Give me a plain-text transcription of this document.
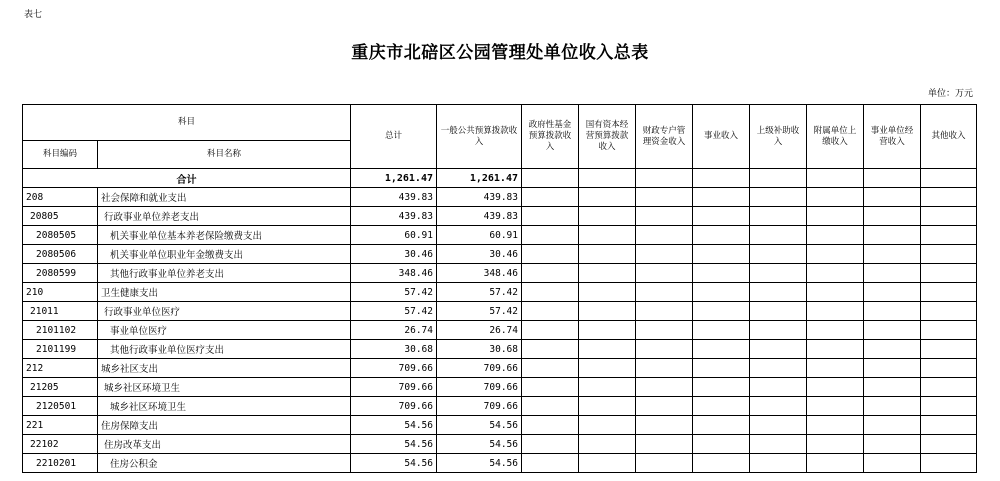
表七
重庆市北碚区公园管理处单位收入总表
单位：万元
科目		总计	一般公共预算拨款收入	政府性基金预算拨款收入	国有资本经营预算拨款收入	财政专户管理资金收入	事业收入	上级补助收入	附属单位上缴收入	事业单位经营收入	其他收入
科目编码	科目名称										
合计		1,261.47	1,261.47								
208	社会保障和就业支出	439.83	439.83								
20805	行政事业单位养老支出	439.83	439.83								
2080505	机关事业单位基本养老保险缴费支出	60.91	60.91								
2080506	机关事业单位职业年金缴费支出	30.46	30.46								
2080599	其他行政事业单位养老支出	348.46	348.46								
210	卫生健康支出	57.42	57.42								
21011	行政事业单位医疗	57.42	57.42								
2101102	事业单位医疗	26.74	26.74								
2101199	其他行政事业单位医疗支出	30.68	30.68								
212	城乡社区支出	709.66	709.66								
21205	城乡社区环境卫生	709.66	709.66								
2120501	城乡社区环境卫生	709.66	709.66								
221	住房保障支出	54.56	54.56								
22102	住房改革支出	54.56	54.56								
2210201	住房公积金	54.56	54.56								
